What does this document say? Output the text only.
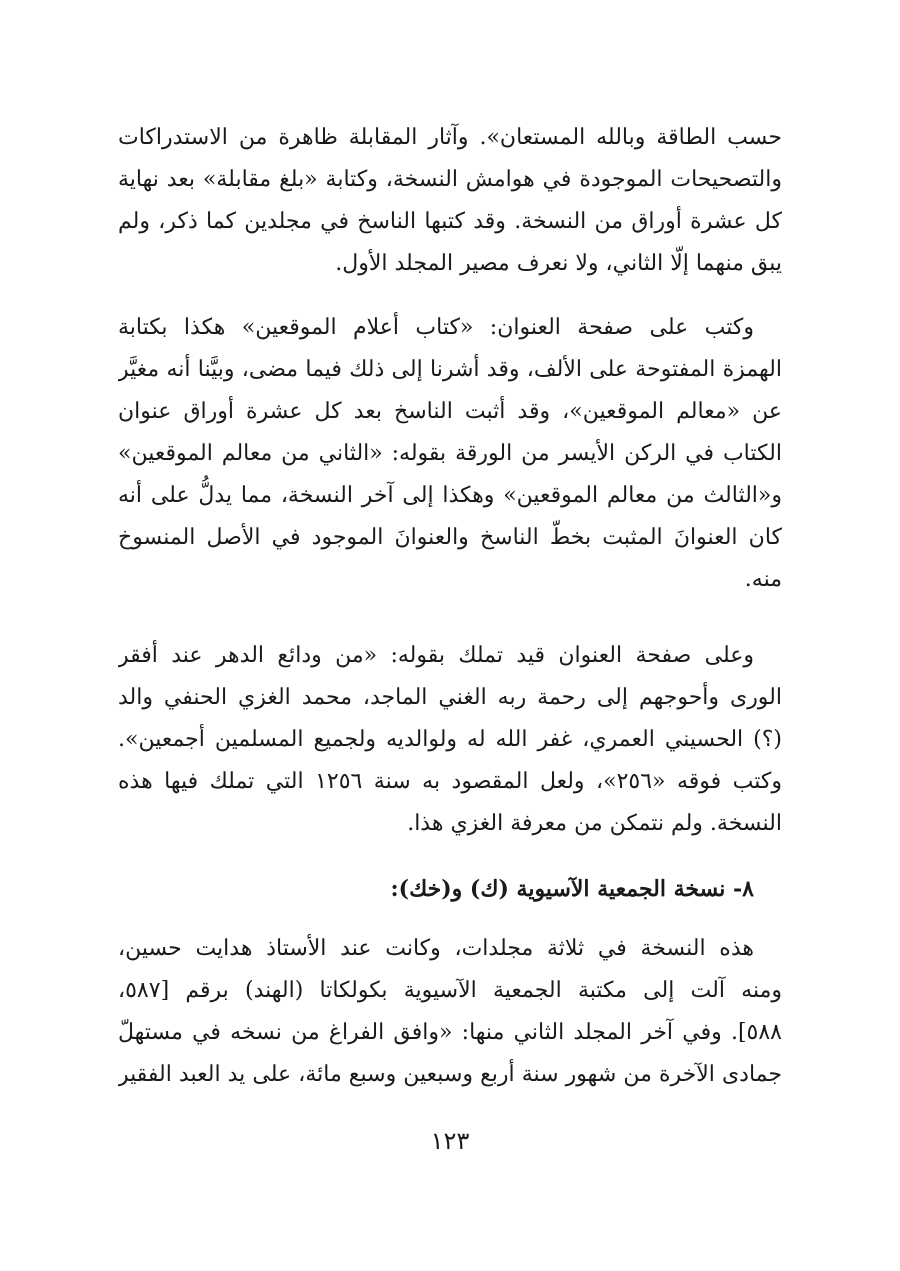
حسب الطاقة وبالله المستعان». وآثار المقابلة ظاهرة من الاستدراكات
والتصحيحات الموجودة في هوامش النسخة، وكتابة «بلغ مقابلة» بعد نهاية
كل عشرة أوراق من النسخة. وقد كتبها الناسخ في مجلدين كما ذكر، ولم
يبق منهما إلّا الثاني، ولا نعرف مصير المجلد الأول.
وكتب على صفحة العنوان: «كتاب أعلام الموقعين» هكذا بكتابة
الهمزة المفتوحة على الألف، وقد أشرنا إلى ذلك فيما مضى، وبيَّنا أنه مغيَّر
عن «معالم الموقعين»، وقد أثبت الناسخ بعد كل عشرة أوراق عنوان
الكتاب في الركن الأيسر من الورقة بقوله: «الثاني من معالم الموقعين»
و«الثالث من معالم الموقعين» وهكذا إلى آخر النسخة، مما يدلُّ على أنه
كان العنوانَ المثبت بخطّ الناسخ والعنوانَ الموجود في الأصل المنسوخ
منه.
وعلى صفحة العنوان قيد تملك بقوله: «من ودائع الدهر عند أفقر
الورى وأحوجهم إلى رحمة ربه الغني الماجد، محمد الغزي الحنفي والد
(؟) الحسيني العمري، غفر الله له ولوالديه ولجميع المسلمين أجمعين».
وكتب فوقه «٢٥٦»، ولعل المقصود به سنة ١٢٥٦ التي تملك فيها هذه
النسخة. ولم نتمكن من معرفة الغزي هذا.
٨- نسخة الجمعية الآسيوية (ك) و(خك):
هذه النسخة في ثلاثة مجلدات، وكانت عند الأستاذ هدايت حسين،
ومنه آلت إلى مكتبة الجمعية الآسيوية بكولكاتا (الهند) برقم [٥٨٧،
٥٨٨]. وفي آخر المجلد الثاني منها: «وافق الفراغ من نسخه في مستهلّ
جمادى الآخرة من شهور سنة أربع وسبعين وسبع مائة، على يد العبد الفقير
١٢٣
